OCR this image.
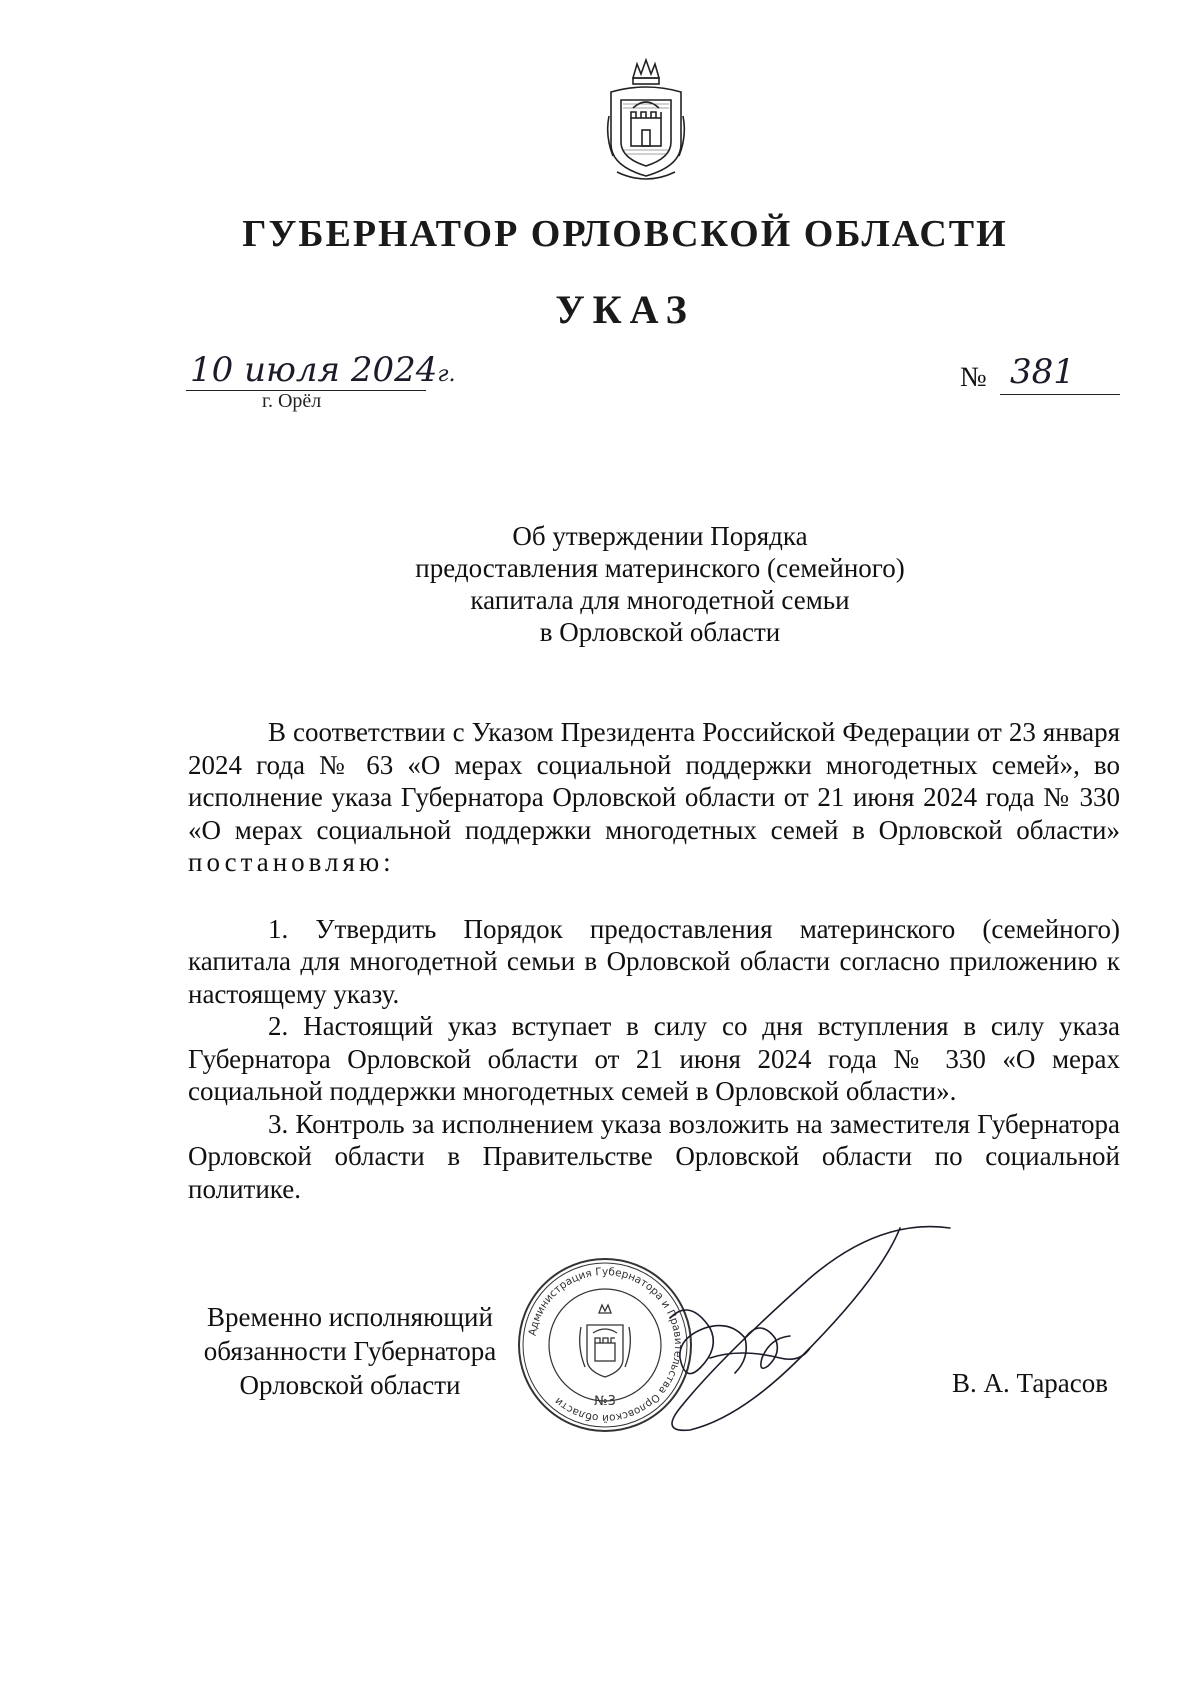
ГУБЕРНАТОР ОРЛОВСКОЙ ОБЛАСТИ
УКАЗ
10 июля 2024г.
г. Орёл
№ 381
Об утверждении Порядка
предоставления материнского (семейного)
капитала для многодетной семьи
в Орловской области

В соответствии с Указом Президента Российской Федерации от 23 января 2024 года № 63 «О мерах социальной поддержки многодетных семей», во исполнение указа Губернатора Орловской области от 21 июня 2024 года № 330 «О мерах социальной поддержки многодетных семей в Орловской области» постановляю:

1. Утвердить Порядок предоставления материнского (семейного) капитала для многодетной семьи в Орловской области согласно приложению к настоящему указу.

2. Настоящий указ вступает в силу со дня вступления в силу указа Губернатора Орловской области от 21 июня 2024 года № 330 «О мерах социальной поддержки многодетных семей в Орловской области».

3. Контроль за исполнением указа возложить на заместителя Губернатора Орловской области в Правительстве Орловской области по социальной политике.

Временно исполняющий
обязанности Губернатора
Орловской области
Администрация Губернатора и Правительства Орловской области	№3
В. А. Тарасов
